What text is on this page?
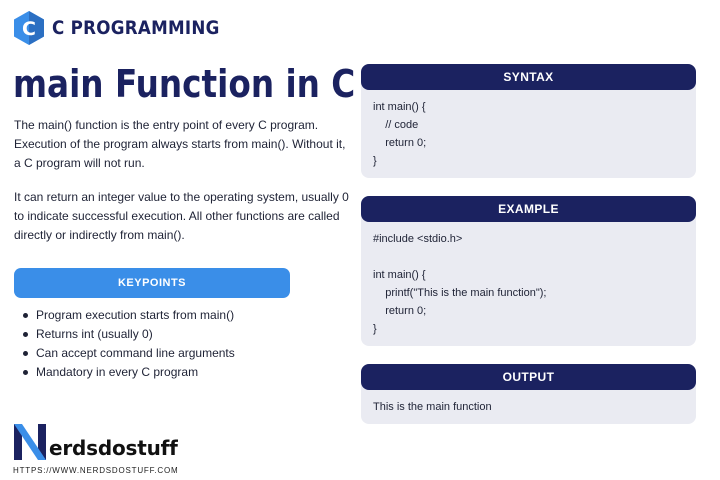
C C PROGRAMMING
main Function in C

The main() function is the entry point of every C program. Execution of the program always starts from main(). Without it, a C program will not run.

It can return an integer value to the operating system, usually 0 to indicate successful execution. All other functions are called directly or indirectly from main().

KEYPOINTS
Program execution starts from main()
Returns int (usually 0)
Can accept command line arguments
Mandatory in every C program
N
erdsdostuff
HTTPS://WWW.NERDSDOSTUFF.COM
SYNTAX
int main() {
// code
return 0;
}
EXAMPLE
#include <stdio.h>
int main() {
printf("This is the main function");
return 0;
}
OUTPUT
This is the main function
